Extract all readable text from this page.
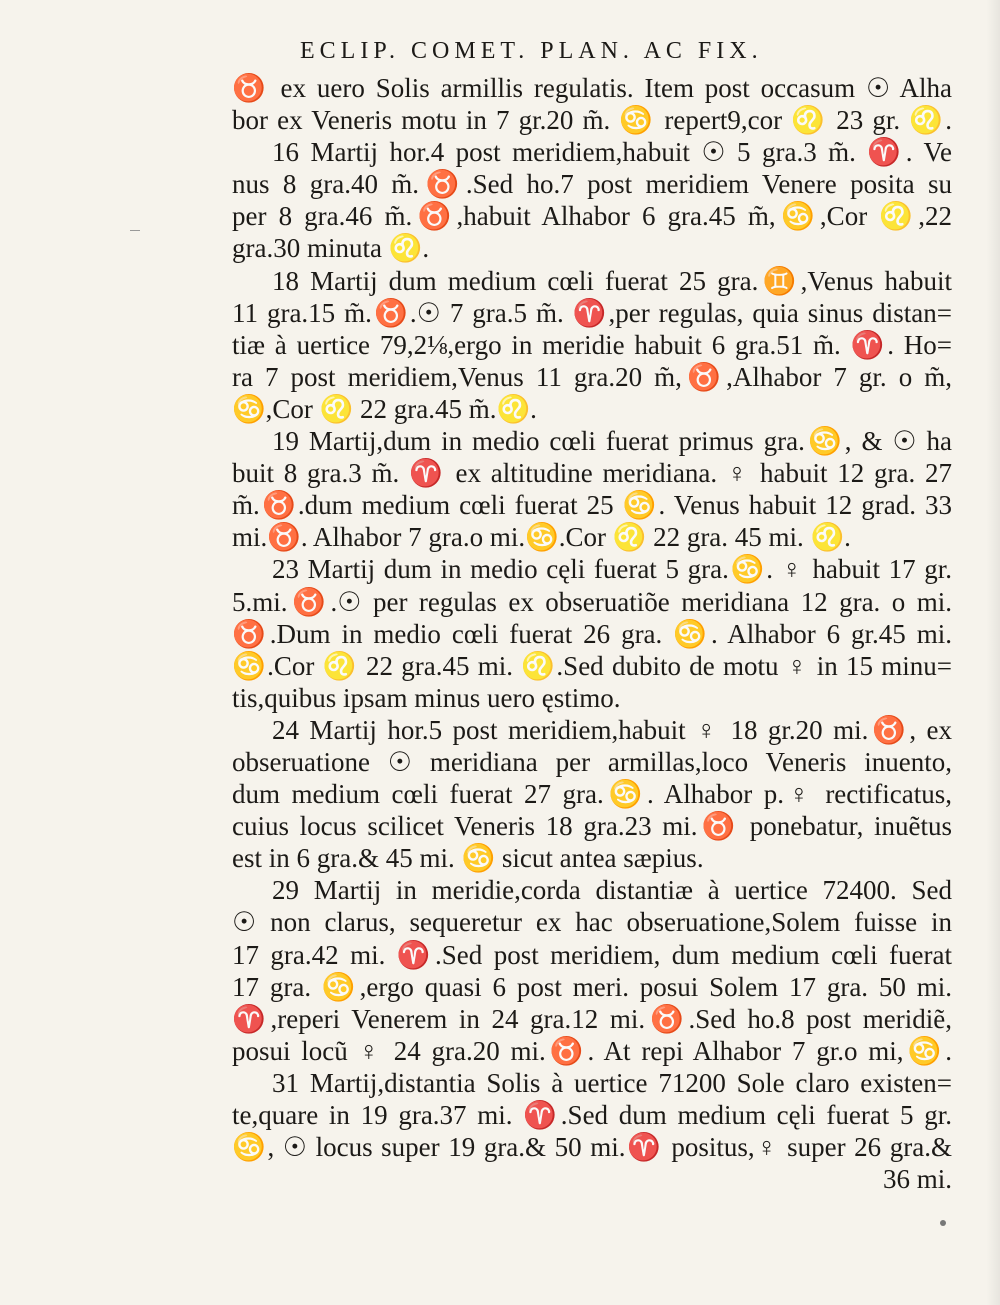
ECLIP. COMET. PLAN. AC FIX.
♉ ex uero Solis armillis regulatis. Item post occasum ☉ Alha
bor ex Veneris motu in 7 gr.20 m̃. ♋ repert9,cor ♌ 23 gr. ♌.
16 Martij hor.4 post meridiem,habuit ☉ 5 gra.3 m̃. ♈. Ve
nus 8 gra.40 m̃.♉.Sed ho.7 post meridiem Venere posita su
per 8 gra.46 m̃.♉,habuit Alhabor 6 gra.45 m̃,♋,Cor ♌,22
gra.30 minuta ♌.
18 Martij dum medium cœli fuerat 25 gra.♊,Venus habuit
11 gra.15 m̃.♉.☉ 7 gra.5 m̃. ♈,per regulas, quia sinus distan=
tiæ à uertice 79,2⅛,ergo in meridie habuit 6 gra.51 m̃. ♈. Ho=
ra 7 post meridiem,Venus 11 gra.20 m̃,♉,Alhabor 7 gr. o m̃,
♋,Cor ♌ 22 gra.45 m̃.♌.
19 Martij,dum in medio cœli fuerat primus gra.♋, & ☉ ha
buit 8 gra.3 m̃. ♈ ex altitudine meridiana. ♀ habuit 12 gra. 27
m̃.♉.dum medium cœli fuerat 25 ♋. Venus habuit 12 grad. 33
mi.♉. Alhabor 7 gra.o mi.♋.Cor ♌ 22 gra. 45 mi. ♌.
23 Martij dum in medio cęli fuerat 5 gra.♋. ♀ habuit 17 gr.
5.mi.♉.☉ per regulas ex obseruatiõe meridiana 12 gra. o mi.
♉.Dum in medio cœli fuerat 26 gra. ♋. Alhabor 6 gr.45 mi.
♋.Cor ♌ 22 gra.45 mi. ♌.Sed dubito de motu ♀ in 15 minu=
tis,quibus ipsam minus uero ęstimo.
24 Martij hor.5 post meridiem,habuit ♀ 18 gr.20 mi.♉, ex
obseruatione ☉ meridiana per armillas,loco Veneris inuento,
dum medium cœli fuerat 27 gra.♋. Alhabor p.♀ rectificatus,
cuius locus scilicet Veneris 18 gra.23 mi.♉ ponebatur, inuẽtus
est in 6 gra.& 45 mi. ♋ sicut antea sæpius.
29 Martij in meridie,corda distantiæ à uertice 72400. Sed
☉ non clarus, sequeretur ex hac obseruatione,Solem fuisse in
17 gra.42 mi. ♈.Sed post meridiem, dum medium cœli fuerat
17 gra. ♋,ergo quasi 6 post meri. posui Solem 17 gra. 50 mi.
♈,reperi Venerem in 24 gra.12 mi.♉.Sed ho.8 post meridiẽ,
posui locũ ♀ 24 gra.20 mi.♉. At repi Alhabor 7 gr.o mi,♋.
31 Martij,distantia Solis à uertice 71200 Sole claro existen=
te,quare in 19 gra.37 mi. ♈.Sed dum medium cęli fuerat 5 gr.
♋, ☉ locus super 19 gra.& 50 mi.♈ positus,♀ super 26 gra.&
36 mi.
